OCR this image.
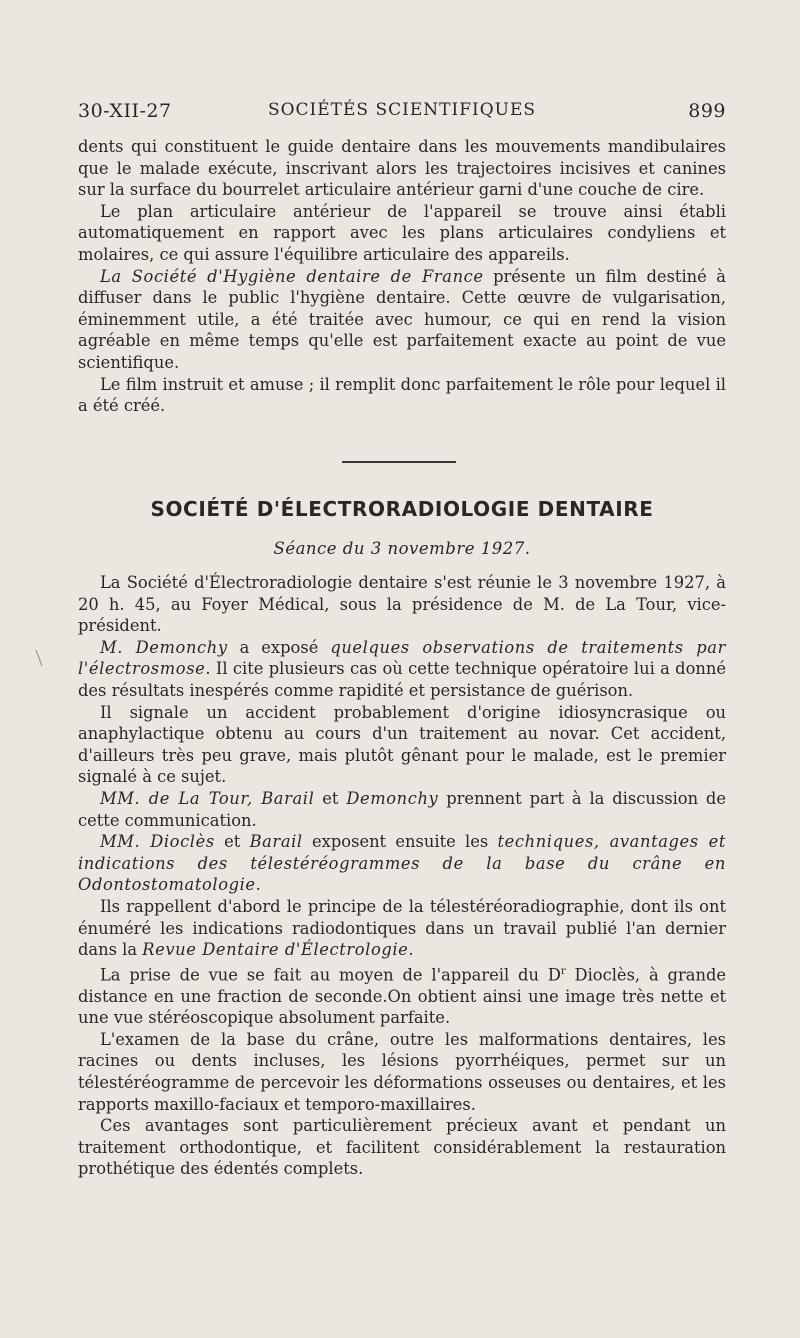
30-XII-27	SOCIÉTÉS SCIENTIFIQUES	899

dents qui constituent le guide dentaire dans les mouvements mandibulaires que le malade exécute, inscrivant alors les trajectoires incisives et canines sur la surface du bourrelet articulaire antérieur garni d'une couche de cire.

Le plan articulaire antérieur de l'appareil se trouve ainsi établi automatiquement en rapport avec les plans articulaires condyliens et molaires, ce qui assure l'équilibre articulaire des appareils.

La Société d'Hygiène dentaire de France présente un film destiné à diffuser dans le public l'hygiène dentaire. Cette œuvre de vulgarisation, éminemment utile, a été traitée avec humour, ce qui en rend la vision agréable en même temps qu'elle est parfaitement exacte au point de vue scientifique.

Le film instruit et amuse ; il remplit donc parfaitement le rôle pour lequel il a été créé.

SOCIÉTÉ D'ÉLECTRORADIOLOGIE DENTAIRE
Séance du 3 novembre 1927.

La Société d'Électroradiologie dentaire s'est réunie le 3 novembre 1927, à 20 h. 45, au Foyer Médical, sous la présidence de M. de La Tour, vice-président.

M. Demonchy a exposé quelques observations de traitements par l'électrosmose. Il cite plusieurs cas où cette technique opératoire lui a donné des résultats inespérés comme rapidité et persistance de guérison.

Il signale un accident probablement d'origine idiosyncrasique ou anaphylactique obtenu au cours d'un traitement au novar. Cet accident, d'ailleurs très peu grave, mais plutôt gênant pour le malade, est le premier signalé à ce sujet.

MM. de La Tour, Barail et Demonchy prennent part à la discussion de cette communication.

MM. Dioclès et Barail exposent ensuite les techniques, avantages et indications des télestéréogrammes de la base du crâne en Odontostomatologie.

Ils rappellent d'abord le principe de la télestéréoradiographie, dont ils ont énuméré les indications radiodontiques dans un travail publié l'an dernier dans la Revue Dentaire d'Électrologie.

La prise de vue se fait au moyen de l'appareil du $D^r$ Dioclès, à grande distance en une fraction de seconde.On obtient ainsi une image très nette et une vue stéréoscopique absolument parfaite.

L'examen de la base du crâne, outre les malformations dentaires, les racines ou dents incluses, les lésions pyorrhéiques, permet sur un télestéréogramme de percevoir les déformations osseuses ou dentaires, et les rapports maxillo-faciaux et temporo-maxillaires.

Ces avantages sont particulièrement précieux avant et pendant un traitement orthodontique, et facilitent considérablement la restauration prothétique des édentés complets.
